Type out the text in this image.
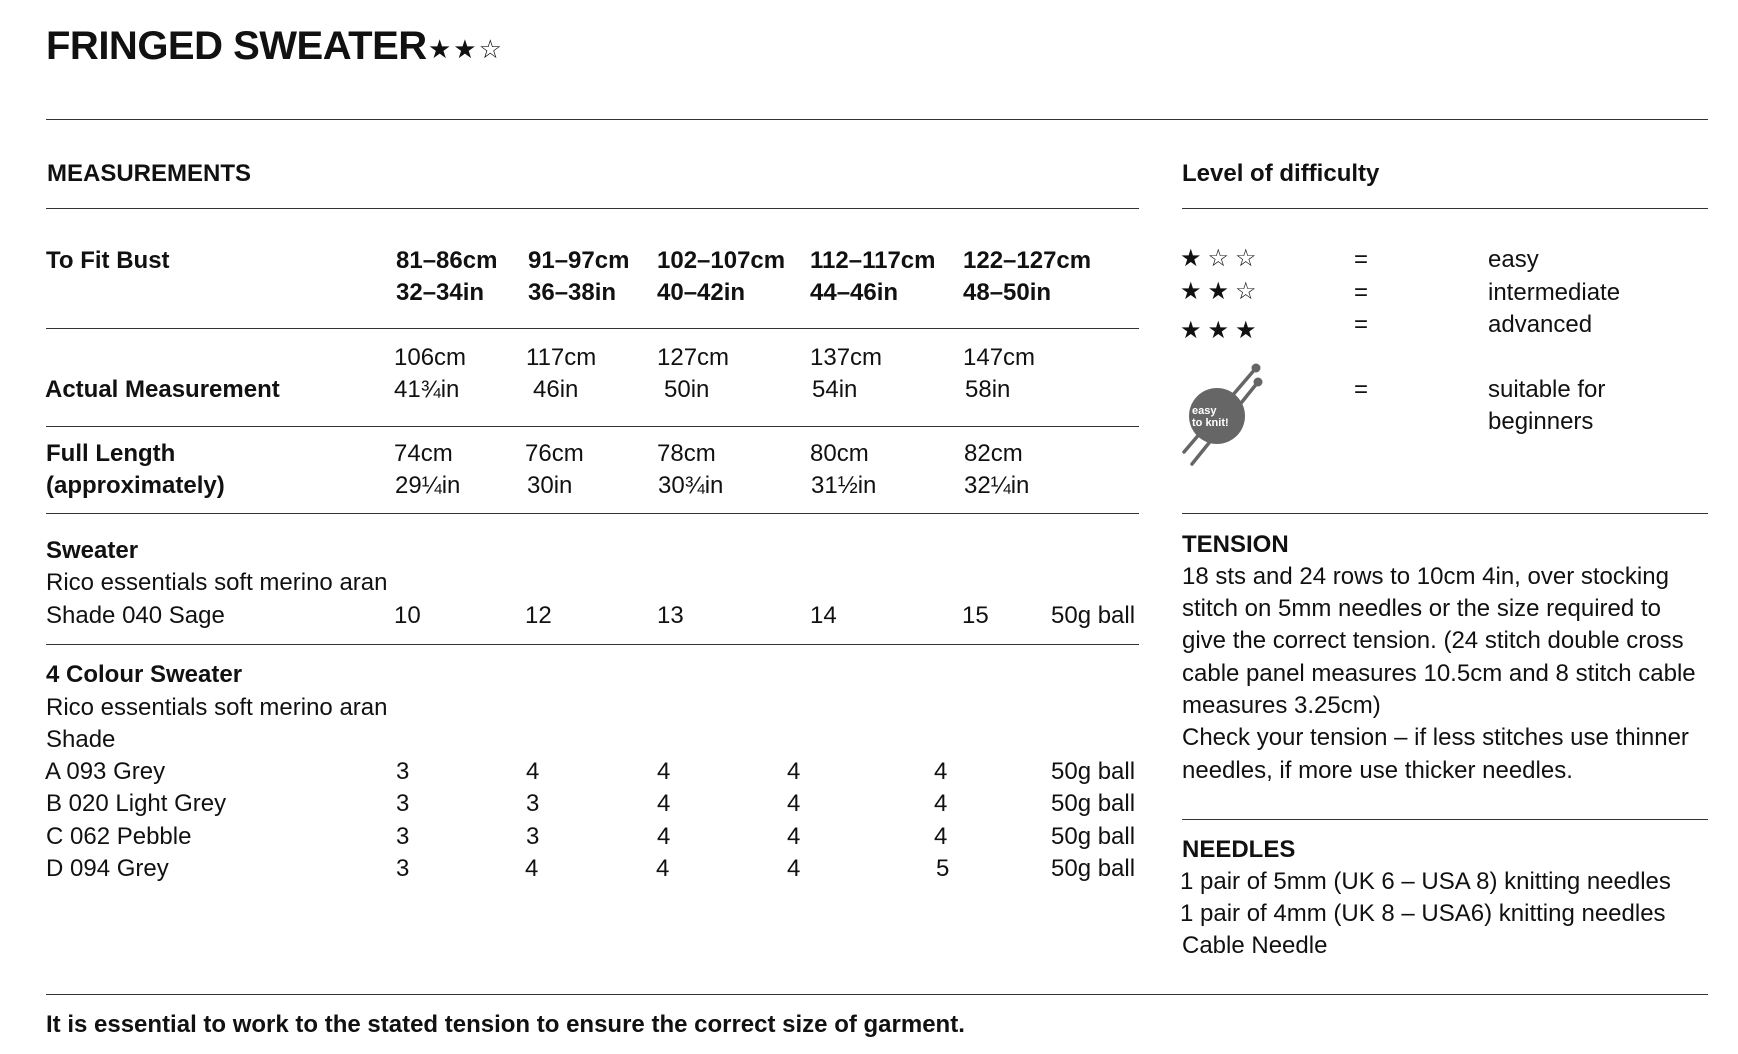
FRINGED SWEATER ★★☆
MEASUREMENTS
To Fit Bust	81–86cm 91–97cm 102–107cm 112–117cm 122–127cm
32–34in 36–38in 40–42in	44–46in	48–50in
106cm 117cm	127cm	137cm	147cm
Actual Measurement	41¾in	46in	50in	54in	58in
Full Length
(approximately)
74cm	76cm	78cm	80cm	82cm
29¼in	30in	30¾in	31½in	32¼in
Sweater
Rico essentials soft merino aran
Shade 040 Sage	10	12	13	14	15	50g ball
4 Colour Sweater
Rico essentials soft merino aran
Shade
A 093 Grey	3	4	4	4	4	50g ball
B 020 Light Grey	3	3	4	4	4	50g ball
C 062 Pebble	3	3	4	4	4	50g ball
D 094 Grey	3	4	4	4	5	50g ball
Level of difficulty
★☆☆	=	easy
★★☆	=	intermediate
★★★	=	advanced
easy
to knit!
=	suitable for
beginners
TENSION
18 sts and 24 rows to 10cm 4in, over stocking
stitch on 5mm needles or the size required to
give the correct tension. (24 stitch double cross
cable panel measures 10.5cm and 8 stitch cable
measures 3.25cm)
Check your tension – if less stitches use thinner
needles, if more use thicker needles.
NEEDLES
1 pair of 5mm (UK 6 – USA 8) knitting needles
1 pair of 4mm (UK 8 – USA6) knitting needles
Cable Needle
It is essential to work to the stated tension to ensure the correct size of garment.
